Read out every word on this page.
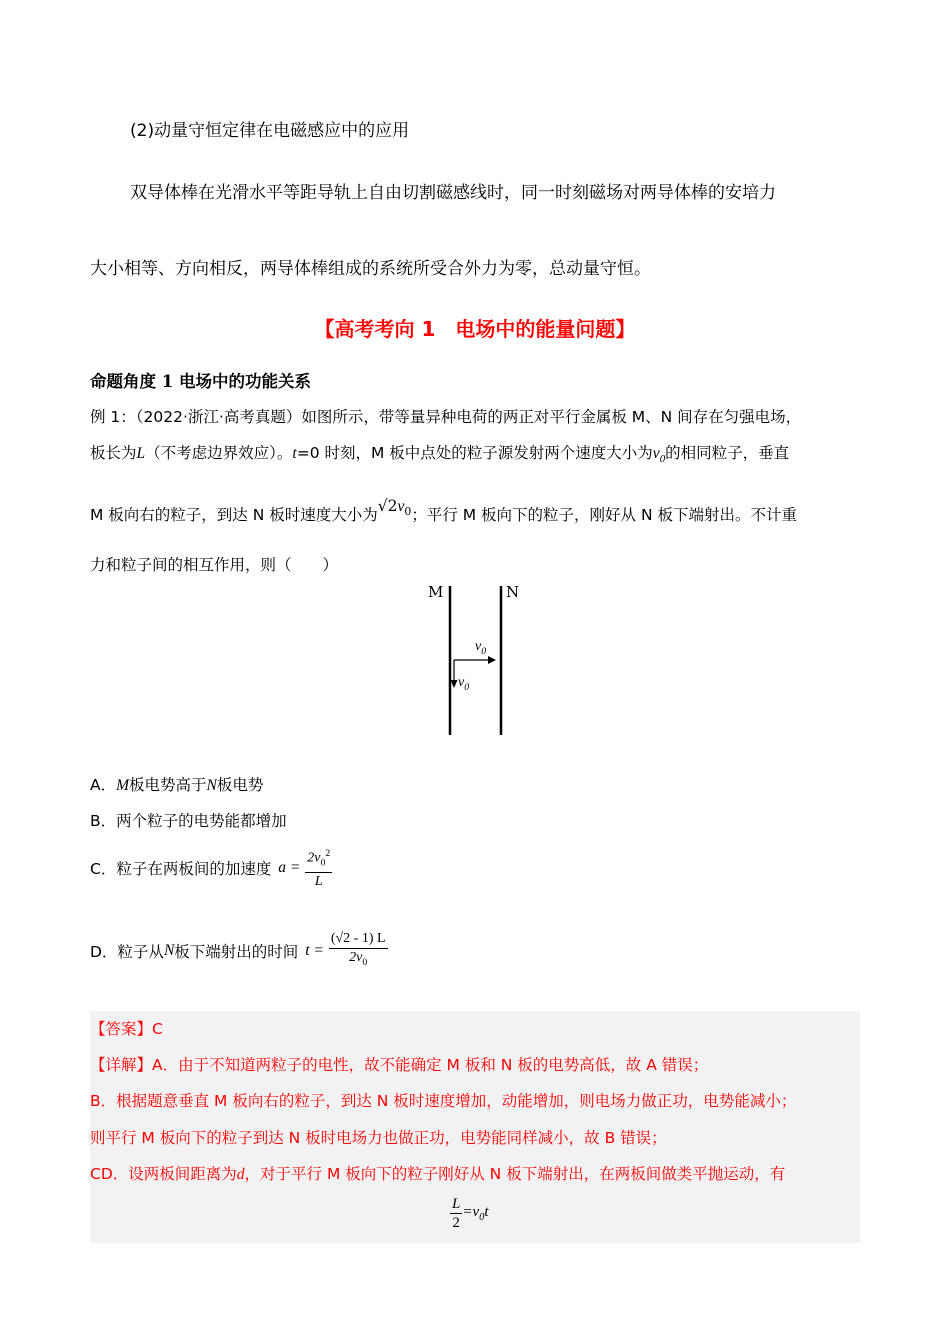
(2)动量守恒定律在电磁感应中的应用
双导体棒在光滑水平等距导轨上自由切割磁感线时，同一时刻磁场对两导体棒的安培力
大小相等、方向相反，两导体棒组成的系统所受合外力为零，总动量守恒。
【高考考向 1　电场中的能量问题】
命题角度 1 电场中的功能关系
例 1：（2022·浙江·高考真题）如图所示，带等量异种电荷的两正对平行金属板 M、N 间存在匀强电场，
板长为L（不考虑边界效应）。t=0 时刻，M 板中点处的粒子源发射两个速度大小为$v_0$的相同粒子，垂直
M 板向右的粒子，到达 N 板时速度大小为$√2v_0$；平行 M 板向下的粒子，刚好从 N 板下端射出。不计重
力和粒子间的相互作用，则（　　）
M	N
$v_0$
$v_0$
A．M板电势高于N板电势
B．两个粒子的电势能都增加
C．粒子在两板间的加速度 $a = \frac{2v_0^2}{L}$
D．粒子从N板下端射出的时间 $t = \frac{(√2 - 1) L}{2v_0}$
【答案】C
【详解】A．由于不知道两粒子的电性，故不能确定 M 板和 N 板的电势高低，故 A 错误；
B．根据题意垂直 M 板向右的粒子，到达 N 板时速度增加，动能增加，则电场力做正功，电势能减小；
则平行 M 板向下的粒子到达 N 板时电场力也做正功，电势能同样减小，故 B 错误；
CD．设两板间距离为d，对于平行 M 板向下的粒子刚好从 N 板下端射出，在两板间做类平抛运动，有
$\frac{L}{2} =v_0t$
